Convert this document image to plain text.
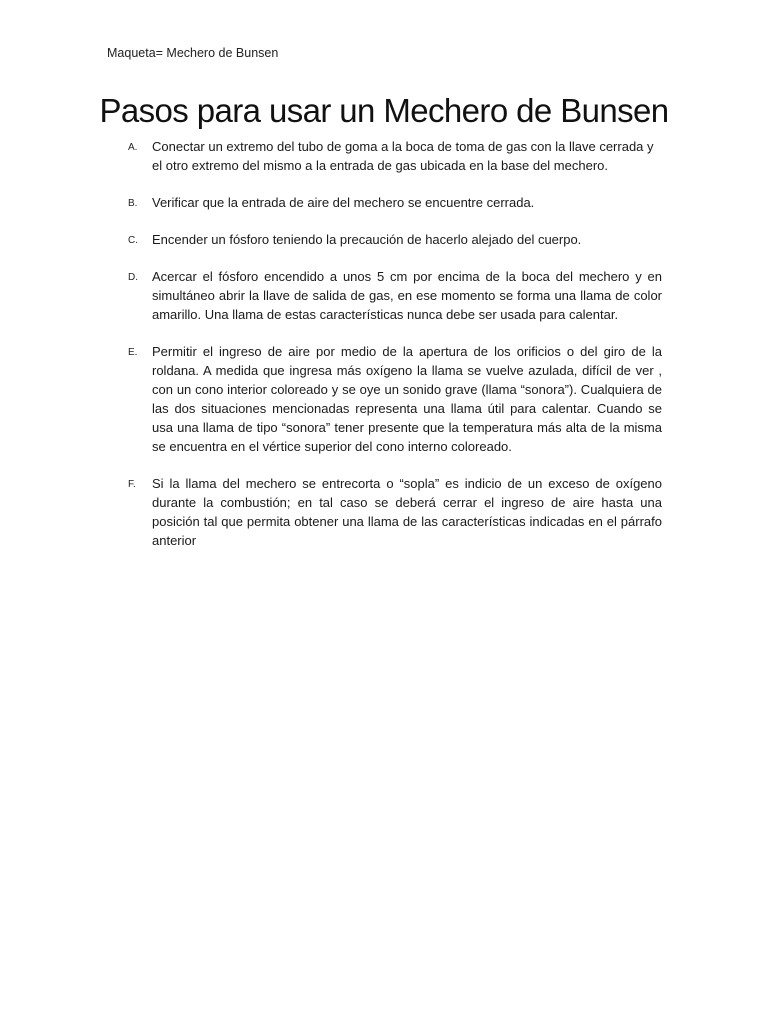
Maqueta= Mechero de Bunsen
Pasos para usar un Mechero de Bunsen
A. Conectar un extremo del tubo de goma a la boca de toma de gas con la llave cerrada y el otro extremo del mismo a la entrada de gas ubicada en la base del mechero.
B. Verificar que la entrada de aire del mechero se encuentre cerrada.
C. Encender un fósforo teniendo la precaución de hacerlo alejado del cuerpo.
D. Acercar el fósforo encendido a unos 5 cm por encima de la boca del mechero y en simultáneo abrir la llave de salida de gas, en ese momento se forma una llama de color amarillo. Una llama de estas características nunca debe ser usada para calentar.
E. Permitir el ingreso de aire por medio de la apertura de los orificios o del giro de la roldana. A medida que ingresa más oxígeno la llama se vuelve azulada, difícil de ver , con un cono interior coloreado y se oye un sonido grave (llama “sonora”). Cualquiera de las dos situaciones mencionadas representa una llama útil para calentar. Cuando se usa una llama de tipo “sonora” tener presente que la temperatura más alta de la misma se encuentra en el vértice superior del cono interno coloreado.
F. Si la llama del mechero se entrecorta o “sopla” es indicio de un exceso de oxígeno durante la combustión; en tal caso se deberá cerrar el ingreso de aire hasta una posición tal que permita obtener una llama de las características indicadas en el párrafo anterior
